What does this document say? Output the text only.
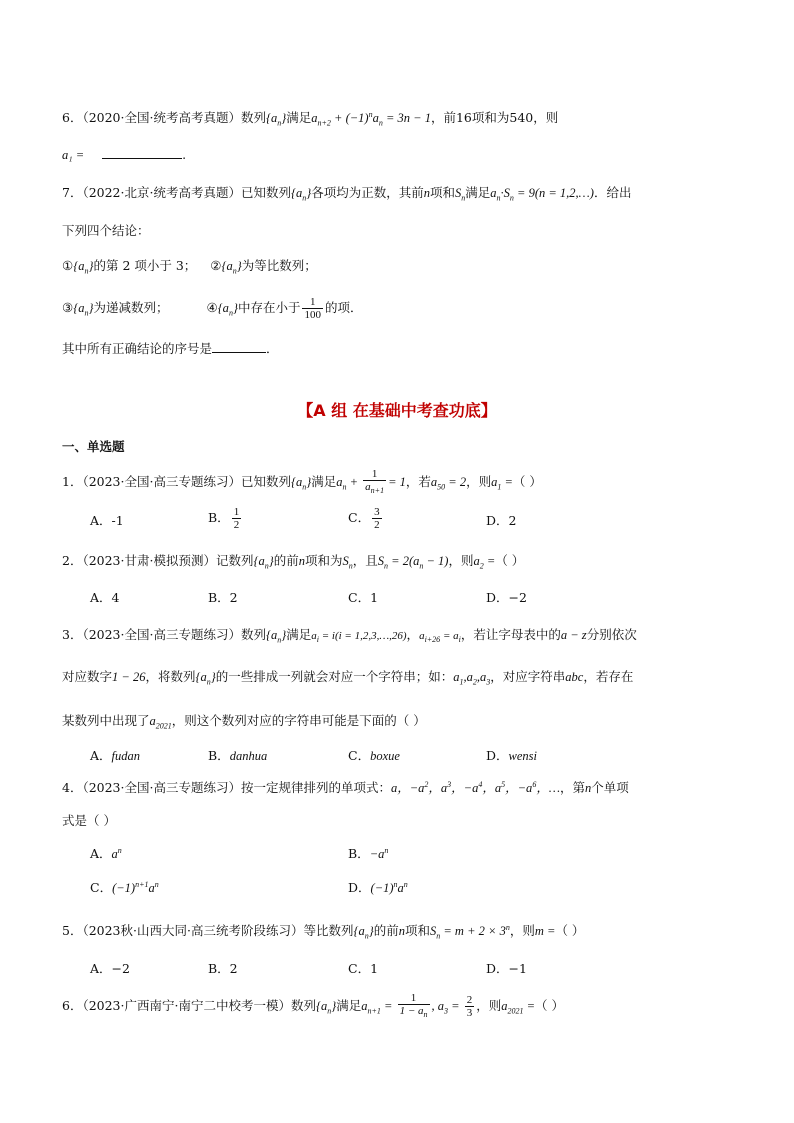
6．（2020·全国·统考高考真题）数列$\{a_n\}$满足$a_{n+2} + (-1)^na_n = 3n - 1$，前16项和为540，则
a₁ =	.
7．（2022·北京·统考高考真题）已知数列$\{a_n\}$各项均为正数，其前n项和$S_n$满足$a_n\cdot S_n = 9(n$ = 1,2,…)．给出
下列四个结论：
$①\{a_n\}$的第 2 项小于 3； $②\{a_n\}$为等比数列；
$③\{a_n\}$为递减数列；	$④\{a_n\}$中存在小于 $\frac{1}{100}$ 的项．
其中所有正确结论的序号是	．
【A 组 在基础中考查功底】
一、单选题
1．（2023·全国·高三专题练习）已知数列$\{a_n\}$满足$a_n + \frac{1}{a_{n+1}} = 1$，若$a_{50} = 2$，则$a_1$ =（ ）
A．-1	B． $\frac{1}{2}$	C． $\frac{3}{2}$	D．2
2．（2023·甘肃·模拟预测）记数列$\{a_n\}$的前n项和为$S_n$，且$S_n = 2(a_n - 1)$，则$a_2$ =（ ）
A．4	B．2	C．1	D．−2
3．（2023·全国·高三专题练习）数列$\{a_n\}$满足$a_i = i(i$ = 1,2,3,…,26)，$a_{i+26} = a_i$，若让字母表中的a − z分别依次
对应数字1 − 26，将数列$\{a_n\}$的一些排成一列就会对应一个字符串；如：$a_1,a_2,a_3$，对应字符串abc，若存在
某数列中出现了$a_{2021}$，则这个数列对应的字符串可能是下面的（ ）
A．fudan	B．danhua	C．boxue	D．wensi
4．（2023·全国·高三专题练习）按一定规律排列的单项式：a，$-a^2$，$a^3$，$-a^4$，$a^5$，$-a^6$，…，第n个单项
式是（ ）
A．$a^n$	B．$-a^n$
C．$(-1)^{n+1}a^n$	D．$(-1)^na^n$
5．（2023秋·山西大同·高三统考阶段练习）等比数列$\{a_n\}$的前n项和$S_n = m + 2 \times 3^n$，则m =（ ）
A．−2	B．2	C．1	D．−1
6．（2023·广西南宁·南宁二中校考一模）数列$\{a_n\}$满足$a_{n+1} = \frac{1}{1 - a_n}$ , $a_3 = \frac{2}{3}$ ，则$a_{2021}$ =（ ）
